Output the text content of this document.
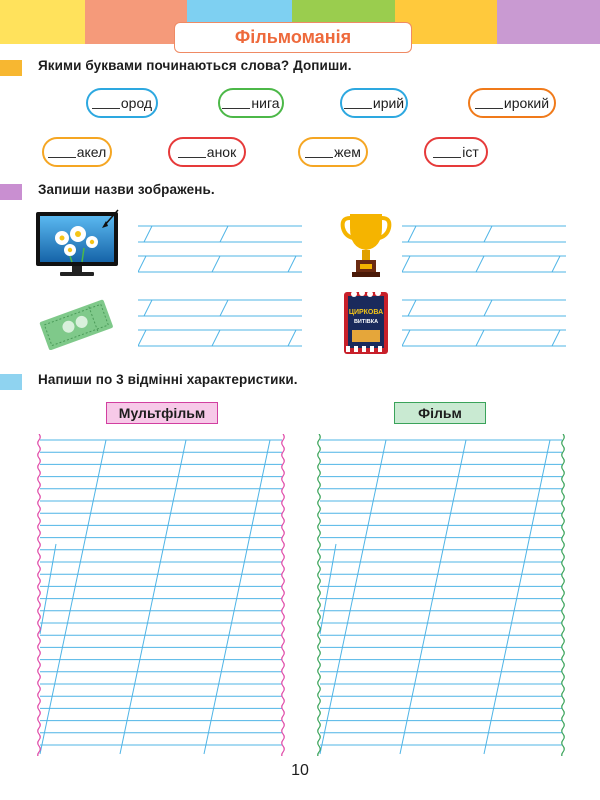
Фільмоманія
Якими буквами починаються слова? Допиши.
ород	нига	ирий	ирокий
акел	анок	жем	іст
Запиши назви зображень.
ЦИРКОВА
ВИТІВКА
Напиши по 3 відмінні характеристики.
Мультфільм	Фільм
10
